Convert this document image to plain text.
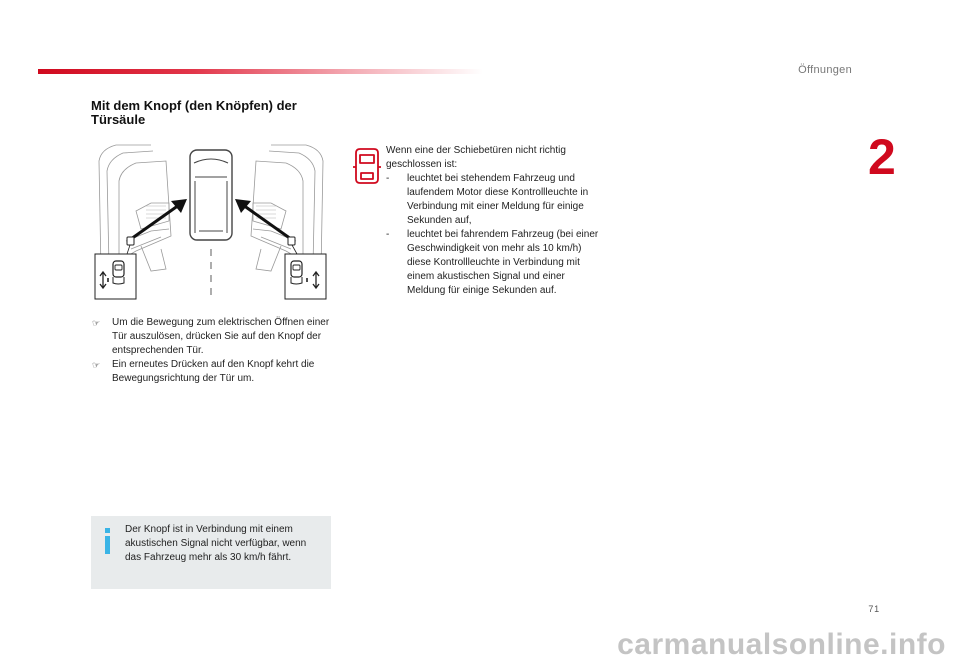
Öffnungen
2
Mit dem Knopf (den Knöpfen) der Türsäule
☞ Um die Bewegung zum elektrischen Öffnen einer Tür auszulösen, drücken Sie auf den Knopf der entsprechenden Tür.
☞ Ein erneutes Drücken auf den Knopf kehrt die Bewegungsrichtung der Tür um.
Wenn eine der Schiebetüren nicht richtig geschlossen ist:
- leuchtet bei stehendem Fahrzeug und laufendem Motor diese Kontrollleuchte in Verbindung mit einer Meldung für einige Sekunden auf,
- leuchtet bei fahrendem Fahrzeug (bei einer Geschwindigkeit von mehr als 10 km/h) diese Kontrollleuchte in Verbindung mit einem akustischen Signal und einer Meldung für einige Sekunden auf.
Der Knopf ist in Verbindung mit einem akustischen Signal nicht verfügbar, wenn das Fahrzeug mehr als 30 km/h fährt.
71
carmanualsonline.info
